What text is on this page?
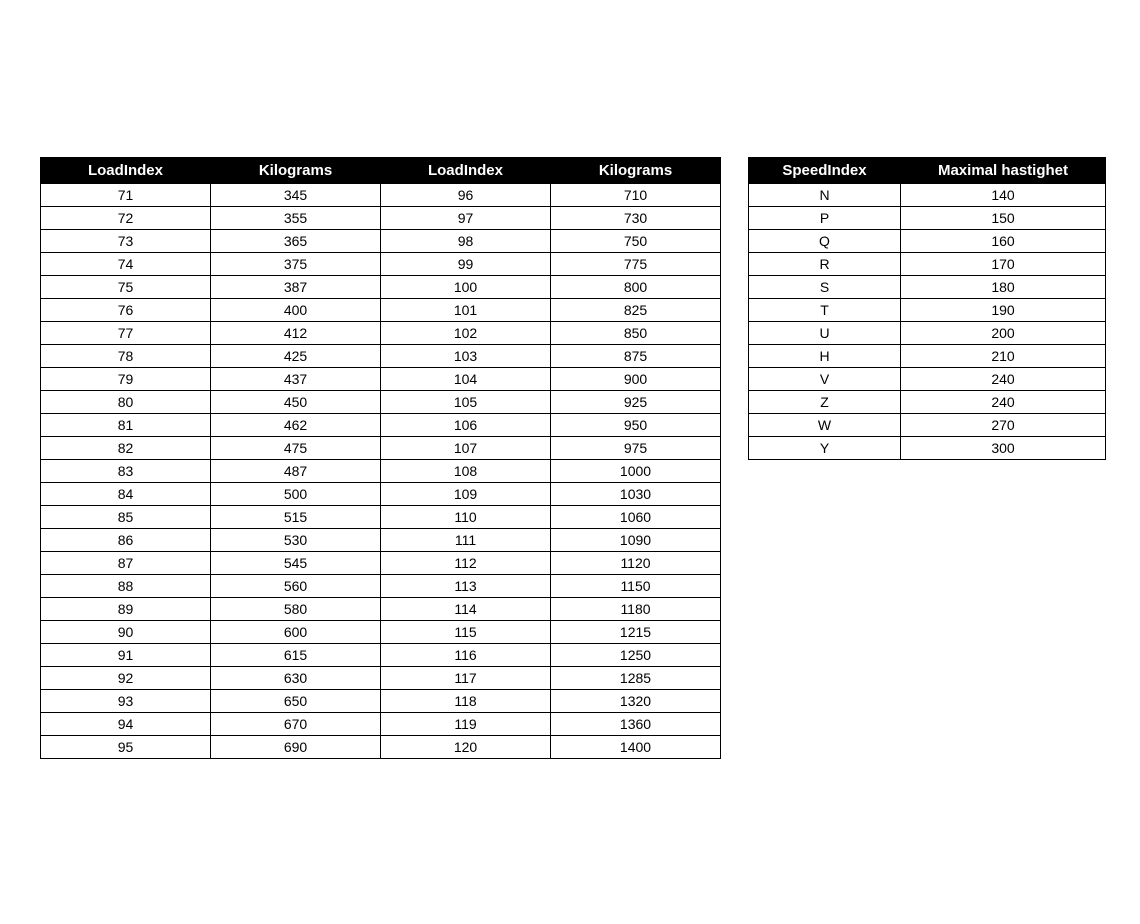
LoadIndex	Kilograms	LoadIndex	Kilograms
71	345	96	710
72	355	97	730
73	365	98	750
74	375	99	775
75	387	100	800
76	400	101	825
77	412	102	850
78	425	103	875
79	437	104	900
80	450	105	925
81	462	106	950
82	475	107	975
83	487	108	1000
84	500	109	1030
85	515	110	1060
86	530	111	1090
87	545	112	1120
88	560	113	1150
89	580	114	1180
90	600	115	1215
91	615	116	1250
92	630	117	1285
93	650	118	1320
94	670	119	1360
95	690	120	1400
SpeedIndex	Maximal hastighet
N	140
P	150
Q	160
R	170
S	180
T	190
U	200
H	210
V	240
Z	240
W	270
Y	300
